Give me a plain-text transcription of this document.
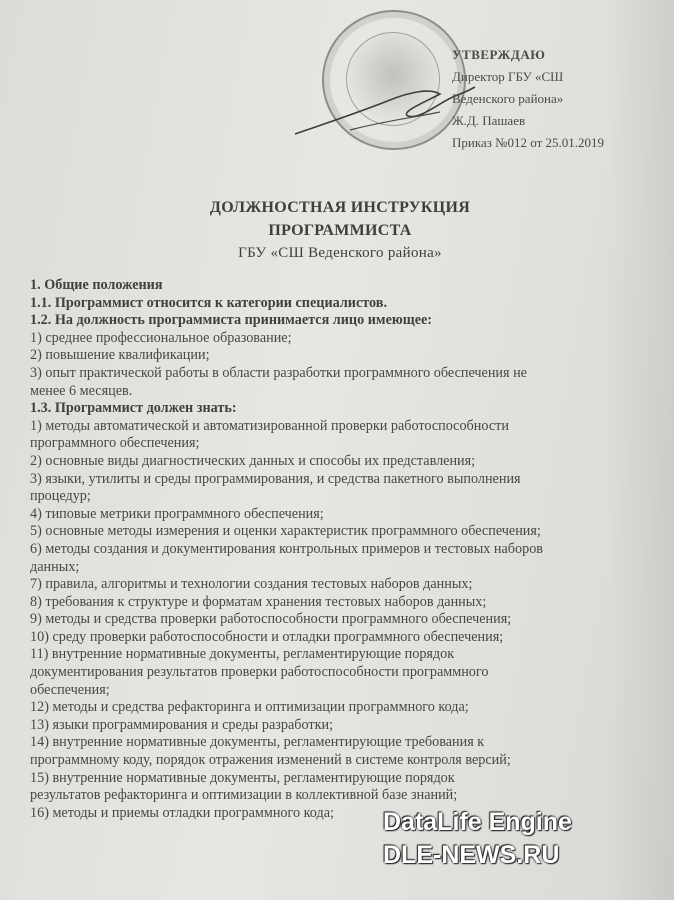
УТВЕРЖДАЮ
Директор ГБУ «СШ
Веденского района»
Ж.Д. Пашаев
Приказ №012 от 25.01.2019
ДОЛЖНОСТНАЯ ИНСТРУКЦИЯ
ПРОГРАММИСТА
ГБУ «СШ Веденского района»

1. Общие положения

1.1. Программист относится к категории специалистов.

1.2. На должность программиста принимается лицо имеющее:

1) среднее профессиональное образование;

2) повышение квалификации;

3) опыт практической работы в области разработки программного обеспечения не

менее 6 месяцев.

1.3. Программист должен знать:

1) методы автоматической и автоматизированной проверки работоспособности

программного обеспечения;

2) основные виды диагностических данных и способы их представления;

3) языки, утилиты и среды программирования, и средства пакетного выполнения

процедур;

4) типовые метрики программного обеспечения;

5) основные методы измерения и оценки характеристик программного обеспечения;

6) методы создания и документирования контрольных примеров и тестовых наборов

данных;

7) правила, алгоритмы и технологии создания тестовых наборов данных;

8) требования к структуре и форматам хранения тестовых наборов данных;

9) методы и средства проверки работоспособности программного обеспечения;

10) среду проверки работоспособности и отладки программного обеспечения;

11) внутренние нормативные документы, регламентирующие порядок

документирования результатов проверки работоспособности программного

обеспечения;

12) методы и средства рефакторинга и оптимизации программного кода;

13) языки программирования и среды разработки;

14) внутренние нормативные документы, регламентирующие требования к

программному коду, порядок отражения изменений в системе контроля версий;

15) внутренние нормативные документы, регламентирующие порядок

результатов рефакторинга и оптимизации в коллективной базе знаний;

16) методы и приемы отладки программного кода;	DataLife Engine
DLE-NEWS.RU
